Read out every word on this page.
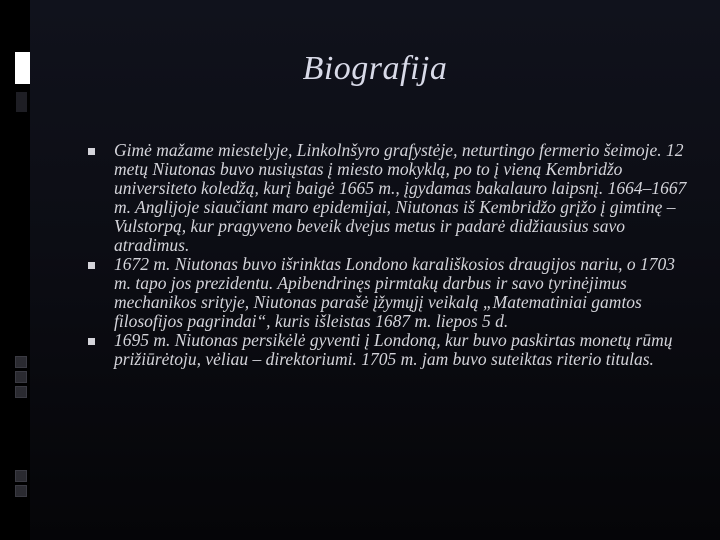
Biografija
Gimė mažame miestelyje, Linkolnšyro grafystėje, neturtingo fermerio šeimoje. 12 metų Niutonas buvo nusiųstas į miesto mokyklą, po to į vieną Kembridžo universiteto koledžą, kurį baigė 1665 m., įgydamas bakalauro laipsnį. 1664–1667 m. Anglijoje siaučiant maro epidemijai, Niutonas iš Kembridžo grįžo į gimtinę – Vulstorpą, kur pragyveno beveik dvejus metus ir padarė didžiausius savo atradimus.
1672 m. Niutonas buvo išrinktas Londono karališkosios draugijos nariu, o 1703 m. tapo jos prezidentu. Apibendrinęs pirmtakų darbus ir savo tyrinėjimus mechanikos srityje, Niutonas parašė įžymųjį veikalą „Matematiniai gamtos filosofijos pagrindai“, kuris išleistas 1687 m. liepos 5 d.
1695 m. Niutonas persikėlė gyventi į Londoną, kur buvo paskirtas monetų rūmų prižiūrėtoju, vėliau – direktoriumi. 1705 m. jam buvo suteiktas riterio titulas.
